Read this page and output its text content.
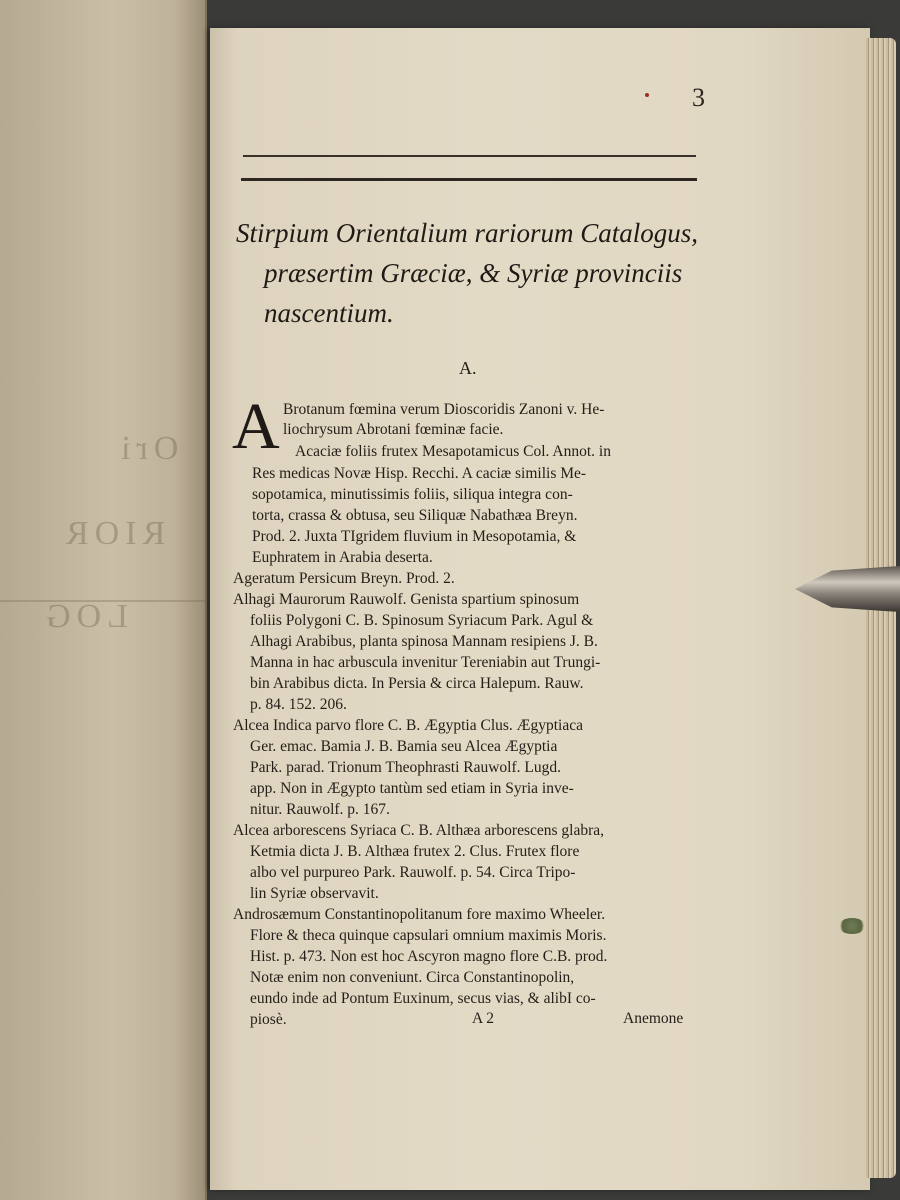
Ori
RIOR
LOG
3
Stirpium Orientalium rariorum Catalogus,
præsertim Græciæ, & Syriæ provinciis
nascentium.
A.
A Brotanum fœmina verum Dioscoridis Zanoni v. He-
liochrysum Abrotani fœminæ facie.
Acaciæ foliis frutex Mesapotamicus Col. Annot. in
Res medicas Novæ Hisp. Recchi. A caciæ similis Me-
sopotamica, minutissimis foliis, siliqua integra con-
torta, crassa & obtusa, seu Siliquæ Nabathæa Breyn.
Prod. 2. Juxta TIgridem fluvium in Mesopotamia, &
Euphratem in Arabia deserta.
Ageratum Persicum Breyn. Prod. 2.
Alhagi Maurorum Rauwolf. Genista spartium spinosum
foliis Polygoni C. B. Spinosum Syriacum Park. Agul &
Alhagi Arabibus, planta spinosa Mannam resipiens J. B.
Manna in hac arbuscula invenitur Tereniabin aut Trungi-
bin Arabibus dicta. In Persia & circa Halepum. Rauw.
p. 84. 152. 206.
Alcea Indica parvo flore C. B. Ægyptia Clus. Ægyptiaca
Ger. emac. Bamia J. B. Bamia seu Alcea Ægyptia
Park. parad. Trionum Theophrasti Rauwolf. Lugd.
app. Non in Ægypto tantùm sed etiam in Syria inve-
nitur. Rauwolf. p. 167.
Alcea arborescens Syriaca C. B. Althæa arborescens glabra,
Ketmia dicta J. B. Althæa frutex 2. Clus. Frutex flore
albo vel purpureo Park. Rauwolf. p. 54. Circa Tripo-
lin Syriæ observavit.
Androsæmum Constantinopolitanum fore maximo Wheeler.
Flore & theca quinque capsulari omnium maximis Moris.
Hist. p. 473. Non est hoc Ascyron magno flore C.B. prod.
Notæ enim non conveniunt. Circa Constantinopolin,
eundo inde ad Pontum Euxinum, secus vias, & alibI co-
piosè.	A 2	Anemone
